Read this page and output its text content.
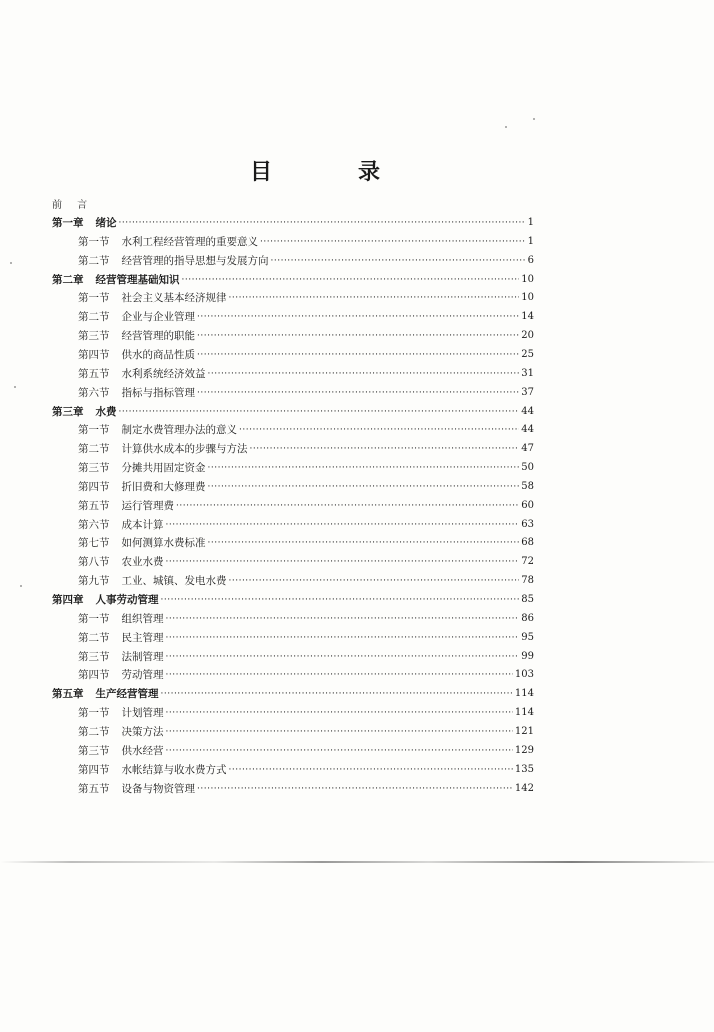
目	录
前 言
第一章 绪论 ·····	1
第一节 水利工程经营管理的重要意义 ·····	1
第二节 经营管理的指导思想与发展方向 ·····	6
第二章 经营管理基础知识 ·····	10
第一节 社会主义基本经济规律 ·····	10
第二节 企业与企业管理 ·····	14
第三节 经营管理的职能 ·····	20
第四节 供水的商品性质 ·····	25
第五节 水利系统经济效益 ·····	31
第六节 指标与指标管理 ·····	37
第三章 水费 ·····	44
第一节 制定水费管理办法的意义 ·····	44
第二节 计算供水成本的步骤与方法 ·····	47
第三节 分摊共用固定资金 ·····	50
第四节 折旧费和大修理费 ·····	58
第五节 运行管理费 ·····	60
第六节 成本计算 ·····	63
第七节 如何测算水费标准 ·····	68
第八节 农业水费 ·····	72
第九节 工业、城镇、发电水费 ·····	78
第四章 人事劳动管理 ·····	85
第一节 组织管理 ·····	86
第二节 民主管理 ·····	95
第三节 法制管理 ·····	99
第四节 劳动管理 ·····	103
第五章 生产经营管理 ·····	114
第一节 计划管理 ·····	114
第二节 决策方法 ·····	121
第三节 供水经营 ·····	129
第四节 水帐结算与收水费方式 ·····	135
第五节 设备与物资管理 ·····	142
